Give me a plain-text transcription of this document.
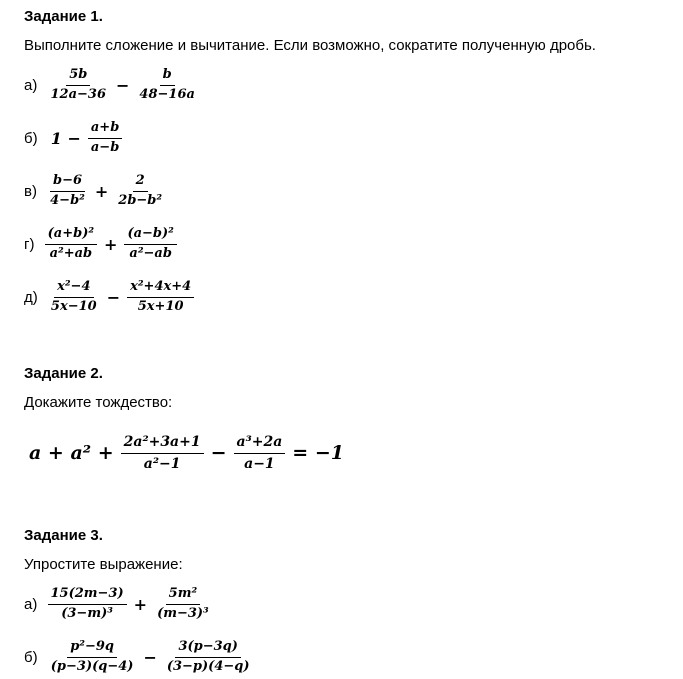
Задание 1.

Выполните сложение и вычитание. Если возможно, сократите полученную дробь.

$а) \frac{5b}{12a-36} - \frac{b}{48-16a}$
б) $1 - \frac{a+b}{a-b}$
$в) \frac{b-6}{\text{4−b²}} + \frac{2}{\text{2b−b²}}$
$г) \frac{\text{(a+b)²}}{\text{a²+ab}} + \frac{\text{(a−b)²}}{\text{a²−ab}}$
$д) \frac{\text{x²−4}}{5x-10} - \frac{\text{x²+4x+4}}{5x+10}$
Задание 2.

Докажите тождество:

$a + a^2 + \frac{\text{2a²+3a+1}}{\text{a²−1}} - \frac{\text{a³+2a}}{a-1} = -1$
Задание 3.

Упростите выражение:

$а) \frac{15(2m-3)}{\text{(3−m)³}} + \frac{\text{5m²}}{\text{(m−3)³}}$
$б) \frac{\text{p²−9q}}{(p-3)(q-4)} - \frac{3(p-3q)}{(3-p)(4-q)}$
